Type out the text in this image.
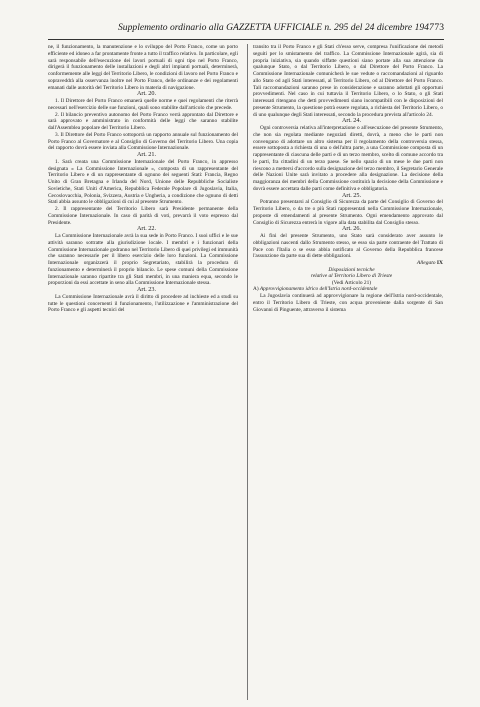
Supplemento ordinario alla GAZZETTA UFFICIALE n. 295 del 24 dicembre 1947 73

ne, il funzionamento, la manutenzione e lo sviluppo del Porto Franco, come un porto efficiente ed idoneo a far prontamente fronte a tutto il traffico relativo. In particolare, egli sarà responsabile dell'esecuzione dei lavori portuali di ogni tipo nel Porto Franco, dirigerà il funzionamento delle installazioni e degli altri impianti portuali, determinerà, conformemente alle leggi del Territorio Libero, le condizioni di lavoro nel Porto Franco e sopraveddrà alla osservanza inoltre nel Porto Franco, delle ordinanze e dei regolamenti emanati dalle autorità del Territorio Libero in materia di navigazione.

Art. 20.

1. Il Direttore del Porto Franco emanerà quelle norme e quei regolamenti che riterrà necessari nell'esercizio delle sue funzioni, quali sono stabilite dall'articolo che precede.

2. Il bilancio preventivo autonomo del Porto Franco verrà approntato dal Direttore e sarà approvato e amministrato in conformità delle leggi che saranno stabilite dall'Assemblea popolare del Territorio Libero.

3. Il Direttore del Porto Franco sottoporrà un rapporto annuale sul funzionamento del Porto Franco al Governatore e al Consiglio di Governo del Territorio Libero. Una copia del rapporto dovrà essere inviata alla Commissione Internazionale.

Art. 21.

1. Sarà creata una Commissione Internazionale del Porto Franco, in appresso designata « La Commissione Internazionale », composta di un rappresentante del Territorio Libero e di un rappresentante di ognuno dei seguenti Stati: Francia, Regno Unito di Gran Bretagna e Irlanda del Nord, Unione delle Repubbliche Socialiste Sovietiche, Stati Uniti d'America, Repubblica Federale Popolare di Jugoslavia, Italia, Cecoslovacchia, Polonia, Svizzera, Austria e Ungheria, a condizione che ognuno di detti Stati abbia assunto le obbligazioni di cui al presente Strumento.

2. Il rappresentante del Territorio Libero sarà Presidente permanente della Commissione Internazionale. In caso di parità di voti, prevarrà il voto espresso dal Presidente.

Art. 22.

La Commissione Internazionale avrà la sua sede in Porto Franco. I suoi uffici e le sue attività saranno sottratte alla giurisdizione locale. I membri e i funzionari della Commissione Internazionale godranno nel Territorio Libero di quei privilegi ed immunità che saranno necessarie per il libero esercizio delle loro funzioni. La Commissione Internazionale organizzerà il proprio Segretariato, stabilirà la procedura di funzionamento e determinerà il proprio bilancio. Le spese comuni della Commissione Internazionale saranno ripartite tra gli Stati membri, in una maniera equa, secondo le proporzioni da essi accettate in seno alla Commissione Internazionale stessa.

Art. 23.

La Commissione Internazionale avrà il diritto di procedere ad inchieste ed a studi su tutte le questioni concernenti il funzionamento, l'utilizzazione e l'amministrazione del Porto Franco e gli aspetti tecnici del

transito tra il Porto Franco e gli Stati ch'esso serve, compresa l'unificazione dei metodi seguiti per lo smistamento del traffico. La Commissione Internazionale agirà, sia di propria iniziativa, sia quando siffatte questioni siano portate alla sua attenzione da qualunque Stato, o dal Territorio Libero, o dal Direttore del Porto Franco. La Commissione Internazionale comunicherà le sue vedute o raccomandazioni al riguardo allo Stato od agli Stati interessati, al Territorio Libero, od al Direttore del Porto Franco. Tali raccomandazioni saranno prese in considerazione e saranno adottati gli opportuni provvedimenti. Nel caso in cui tuttavia il Territorio Libero, o lo Stato, o gli Stati interessati ritengano che detti provvedimenti siano incompatibili con le disposizioni del presente Strumento, la questione potrà essere regolata, a richiesta del Territorio Libero, o di uno qualunque degli Stati interessati, secondo la procedura prevista all'articolo 24.

Art. 24.

Ogni controversia relativa all'interpretazione o all'esecuzione del presente Strumento, che non sia regolata mediante negoziati diretti, dovrà, a meno che le parti non convengano di adottare un altro sistema per il regolamento della controversia stessa, essere sottoposta a richiesta di una o dell'altra parte, a una Commissione composta di un rappresentante di ciascuna delle parti e di un terzo membro, scelto di comune accordo tra le parti, fra cittadini di un terzo paese. Se nello spazio di un mese le due parti non riescono a mettersi d'accordo sulla designazione del terzo membro, il Segretario Generale delle Nazioni Unite sarà invitato a procedere alla designazione. La decisione della maggioranza dei membri della Commissione costituirà la decisione della Commissione e dovrà essere accettata dalle parti come definitiva e obbligatoria.

Art. 25.

Potranno presentarsi al Consiglio di Sicurezza da parte del Consiglio di Governo del Territorio Libero, o da tre o più Stati rappresentati nella Commissione Internazionale, proposte di emendamenti al presente Strumento. Ogni emendamento approvato dal Consiglio di Sicurezza entrerà in vigore alla data stabilita dal Consiglio stesso.

Art. 26.

Ai fini del presente Strumento, uno Stato sarà considerato aver assunto le obbligazioni nascenti dallo Strumento stesso, se esso sia parte contraente del Trattato di Pace con l'Italia o se esso abbia notificato al Governo della Repubblica francese l'assunzione da parte sua di dette obbligazioni.

Allegato IX

Disposizioni tecniche

relative al Territorio Libero di Trieste

(Vedi Articolo 21)

A) Approvvigionamento idrico dell'Istria nord-occidentale

La Jugoslavia continuerà ad approvvigionare la regione dell'Istria nord-occidentale, entro il Territorio Libero di Trieste, con acqua proveniente dalla sorgente di San Giovanni di Pinguente, attraverso il sistema
